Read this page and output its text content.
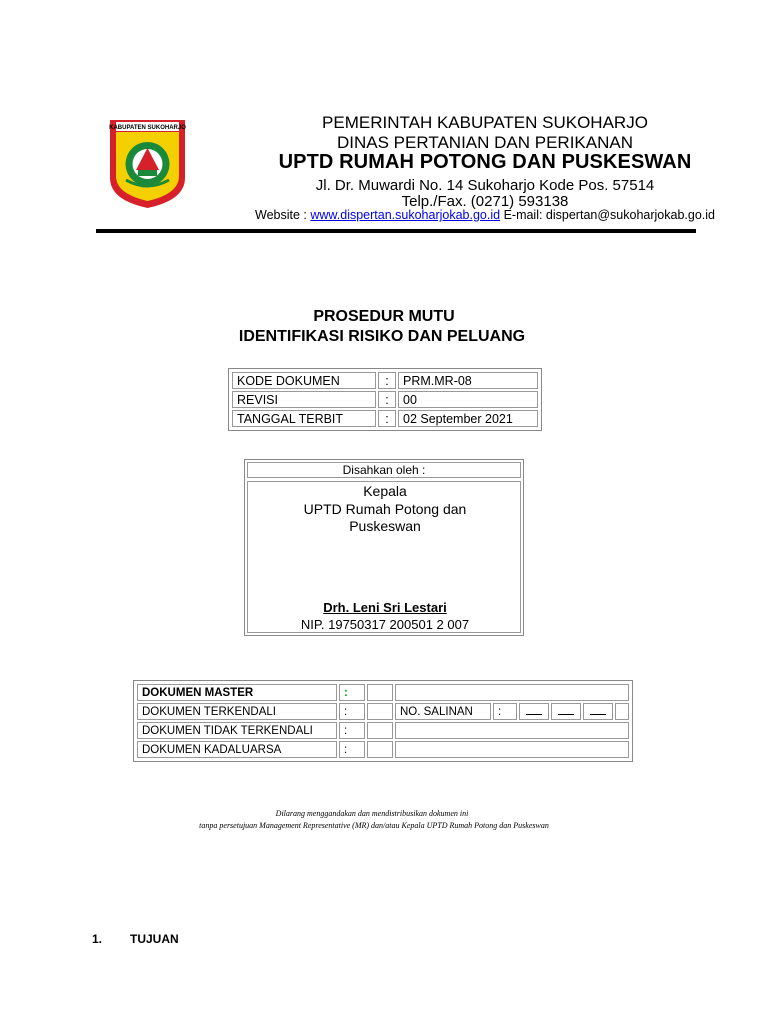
KABUPATEN SUKOHARJO	PEMERINTAH KABUPATEN SUKOHARJO
DINAS PERTANIAN DAN PERIKANAN
UPTD RUMAH POTONG DAN PUSKESWAN
Jl. Dr. Muwardi No. 14 Sukoharjo Kode Pos. 57514
Telp./Fax. (0271) 593138
Website : www.dispertan.sukoharjokab.go.id E-mail: dispertan@sukoharjokab.go.id
PROSEDUR MUTU
IDENTIFIKASI RISIKO DAN PELUANG
KODE DOKUMEN	:	PRM.MR-08
REVISI	:	00
TANGGAL TERBIT	:	02 September 2021
Disahkan oleh :
Kepala
UPTD Rumah Potong dan
Puskeswan
Drh. Leni Sri Lestari
NIP. 19750317 200501 2 007
DOKUMEN MASTER	:							
DOKUMEN TERKENDALI	:		NO. SALINAN	:				
DOKUMEN TIDAK TERKENDALI	:							
DOKUMEN KADALUARSA	:							
Dilarang menggandakan dan mendistribusikan dokumen ini
tanpa persetujuan Management Representative (MR) dan/atau Kepala UPTD Rumah Potong dan Puskeswan
1. TUJUAN
